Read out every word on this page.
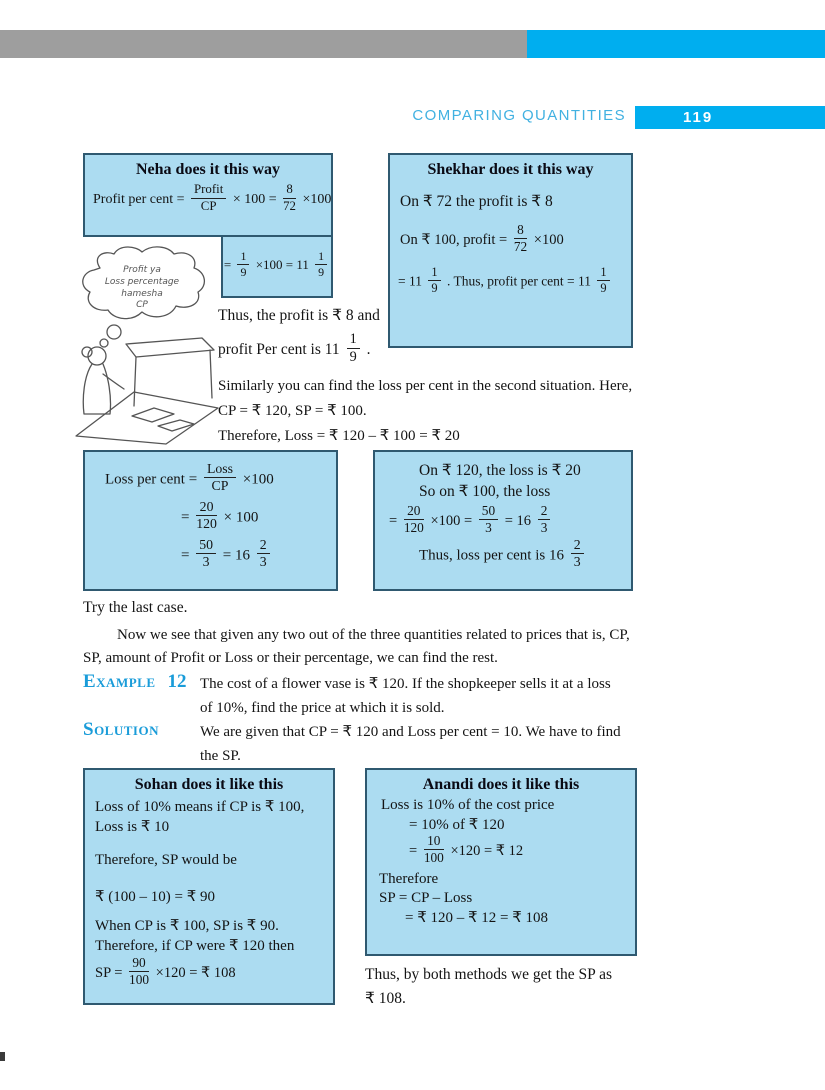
COMPARING QUANTITIES	119
Neha does it this way
Profit per cent =
Profit
CP	× $100 = \frac{8}{72} \times 100$
= $\frac{1}{9} \times 100 = 11 \frac{1}{9}$
Profit ya
Loss percentage
hamesha
CP
Thus, the profit is ₹ 8 and
profit Per cent is $11 \frac{1}{9}$ .
Similarly you can find the loss per cent in the second situation. Here,
CP = ₹ 120, SP = ₹ 100.
Therefore, Loss = ₹ 120 – ₹ 100 = ₹ 20
Shekhar does it this way
On ₹ 72 the profit is ₹ 8
On ₹ 100, profit = $\frac{8}{72} \times 100$
= $11 \frac{1}{9}$ . Thus, profit per cent = $11 \frac{1}{9}$
Loss per cent =
Loss
CP ×100
= $\frac{20}{120} \times 100$
= $\frac{50}{3} = 16 \frac{2}{3}$
On ₹ 120, the loss is ₹ 20
So on ₹ 100, the loss
= $\frac{20}{120} \times 100 = \frac{50}{3} = 16 \frac{2}{3}$
Thus, loss per cent is $16 \frac{2}{3}$
Try the last case.
Now we see that given any two out of the three quantities related to prices that is, CP,
SP, amount of Profit or Loss or their percentage, we can find the rest.
Example 12 The cost of a flower vase is ₹ 120. If the shopkeeper sells it at a loss
of 10%, find the price at which it is sold.
Solution	We are given that CP = ₹ 120 and Loss per cent = 10. We have to find
the SP.
Sohan does it like this
Loss of 10% means if CP is ₹ 100,
Loss is ₹ 10
Therefore, SP would be
₹ (100 – 10) = ₹ 90
When CP is ₹ 100, SP is ₹ 90.
Therefore, if CP were ₹ 120 then
SP = $\frac{90}{100} \times 120$ = ₹ 108
Anandi does it like this
Loss is 10% of the cost price
= 10% of ₹ 120
= $\frac{10}{100} \times 120$ = ₹ 12
Therefore
SP = CP – Loss
= ₹ 120 – ₹ 12 = ₹ 108
Thus, by both methods we get the SP as
₹ 108.
